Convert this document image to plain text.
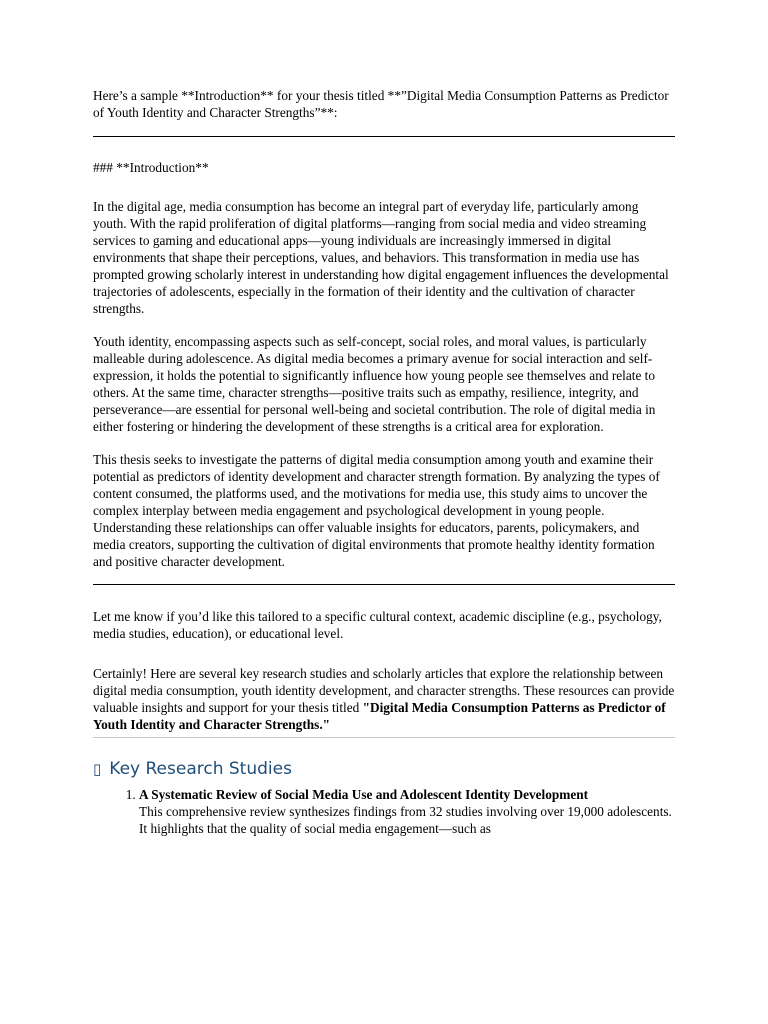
Here’s a sample **Introduction** for your thesis titled **”Digital Media Consumption Patterns as Predictor of Youth Identity and Character Strengths”**:

### **Introduction**

In the digital age, media consumption has become an integral part of everyday life, particularly among youth. With the rapid proliferation of digital platforms—ranging from social media and video streaming services to gaming and educational apps—young individuals are increasingly immersed in digital environments that shape their perceptions, values, and behaviors. This transformation in media use has prompted growing scholarly interest in understanding how digital engagement influences the developmental trajectories of adolescents, especially in the formation of their identity and the cultivation of character strengths.

Youth identity, encompassing aspects such as self-concept, social roles, and moral values, is particularly malleable during adolescence. As digital media becomes a primary avenue for social interaction and self-expression, it holds the potential to significantly influence how young people see themselves and relate to others. At the same time, character strengths—positive traits such as empathy, resilience, integrity, and perseverance—are essential for personal well-being and societal contribution. The role of digital media in either fostering or hindering the development of these strengths is a critical area for exploration.

This thesis seeks to investigate the patterns of digital media consumption among youth and examine their potential as predictors of identity development and character strength formation. By analyzing the types of content consumed, the platforms used, and the motivations for media use, this study aims to uncover the complex interplay between media engagement and psychological development in young people. Understanding these relationships can offer valuable insights for educators, parents, policymakers, and media creators, supporting the cultivation of digital environments that promote healthy identity formation and positive character development.

Let me know if you’d like this tailored to a specific cultural context, academic discipline (e.g., psychology, media studies, education), or educational level.

Certainly! Here are several key research studies and scholarly articles that explore the relationship between digital media consumption, youth identity development, and character strengths. These resources can provide valuable insights and support for your thesis titled "Digital Media Consumption Patterns as Predictor of Youth Identity and Character Strengths."

▯ Key Research Studies
1. A Systematic Review of Social Media Use and Adolescent Identity Development
This comprehensive review synthesizes findings from 32 studies involving over 19,000 adolescents. It highlights that the quality of social media engagement—such as
